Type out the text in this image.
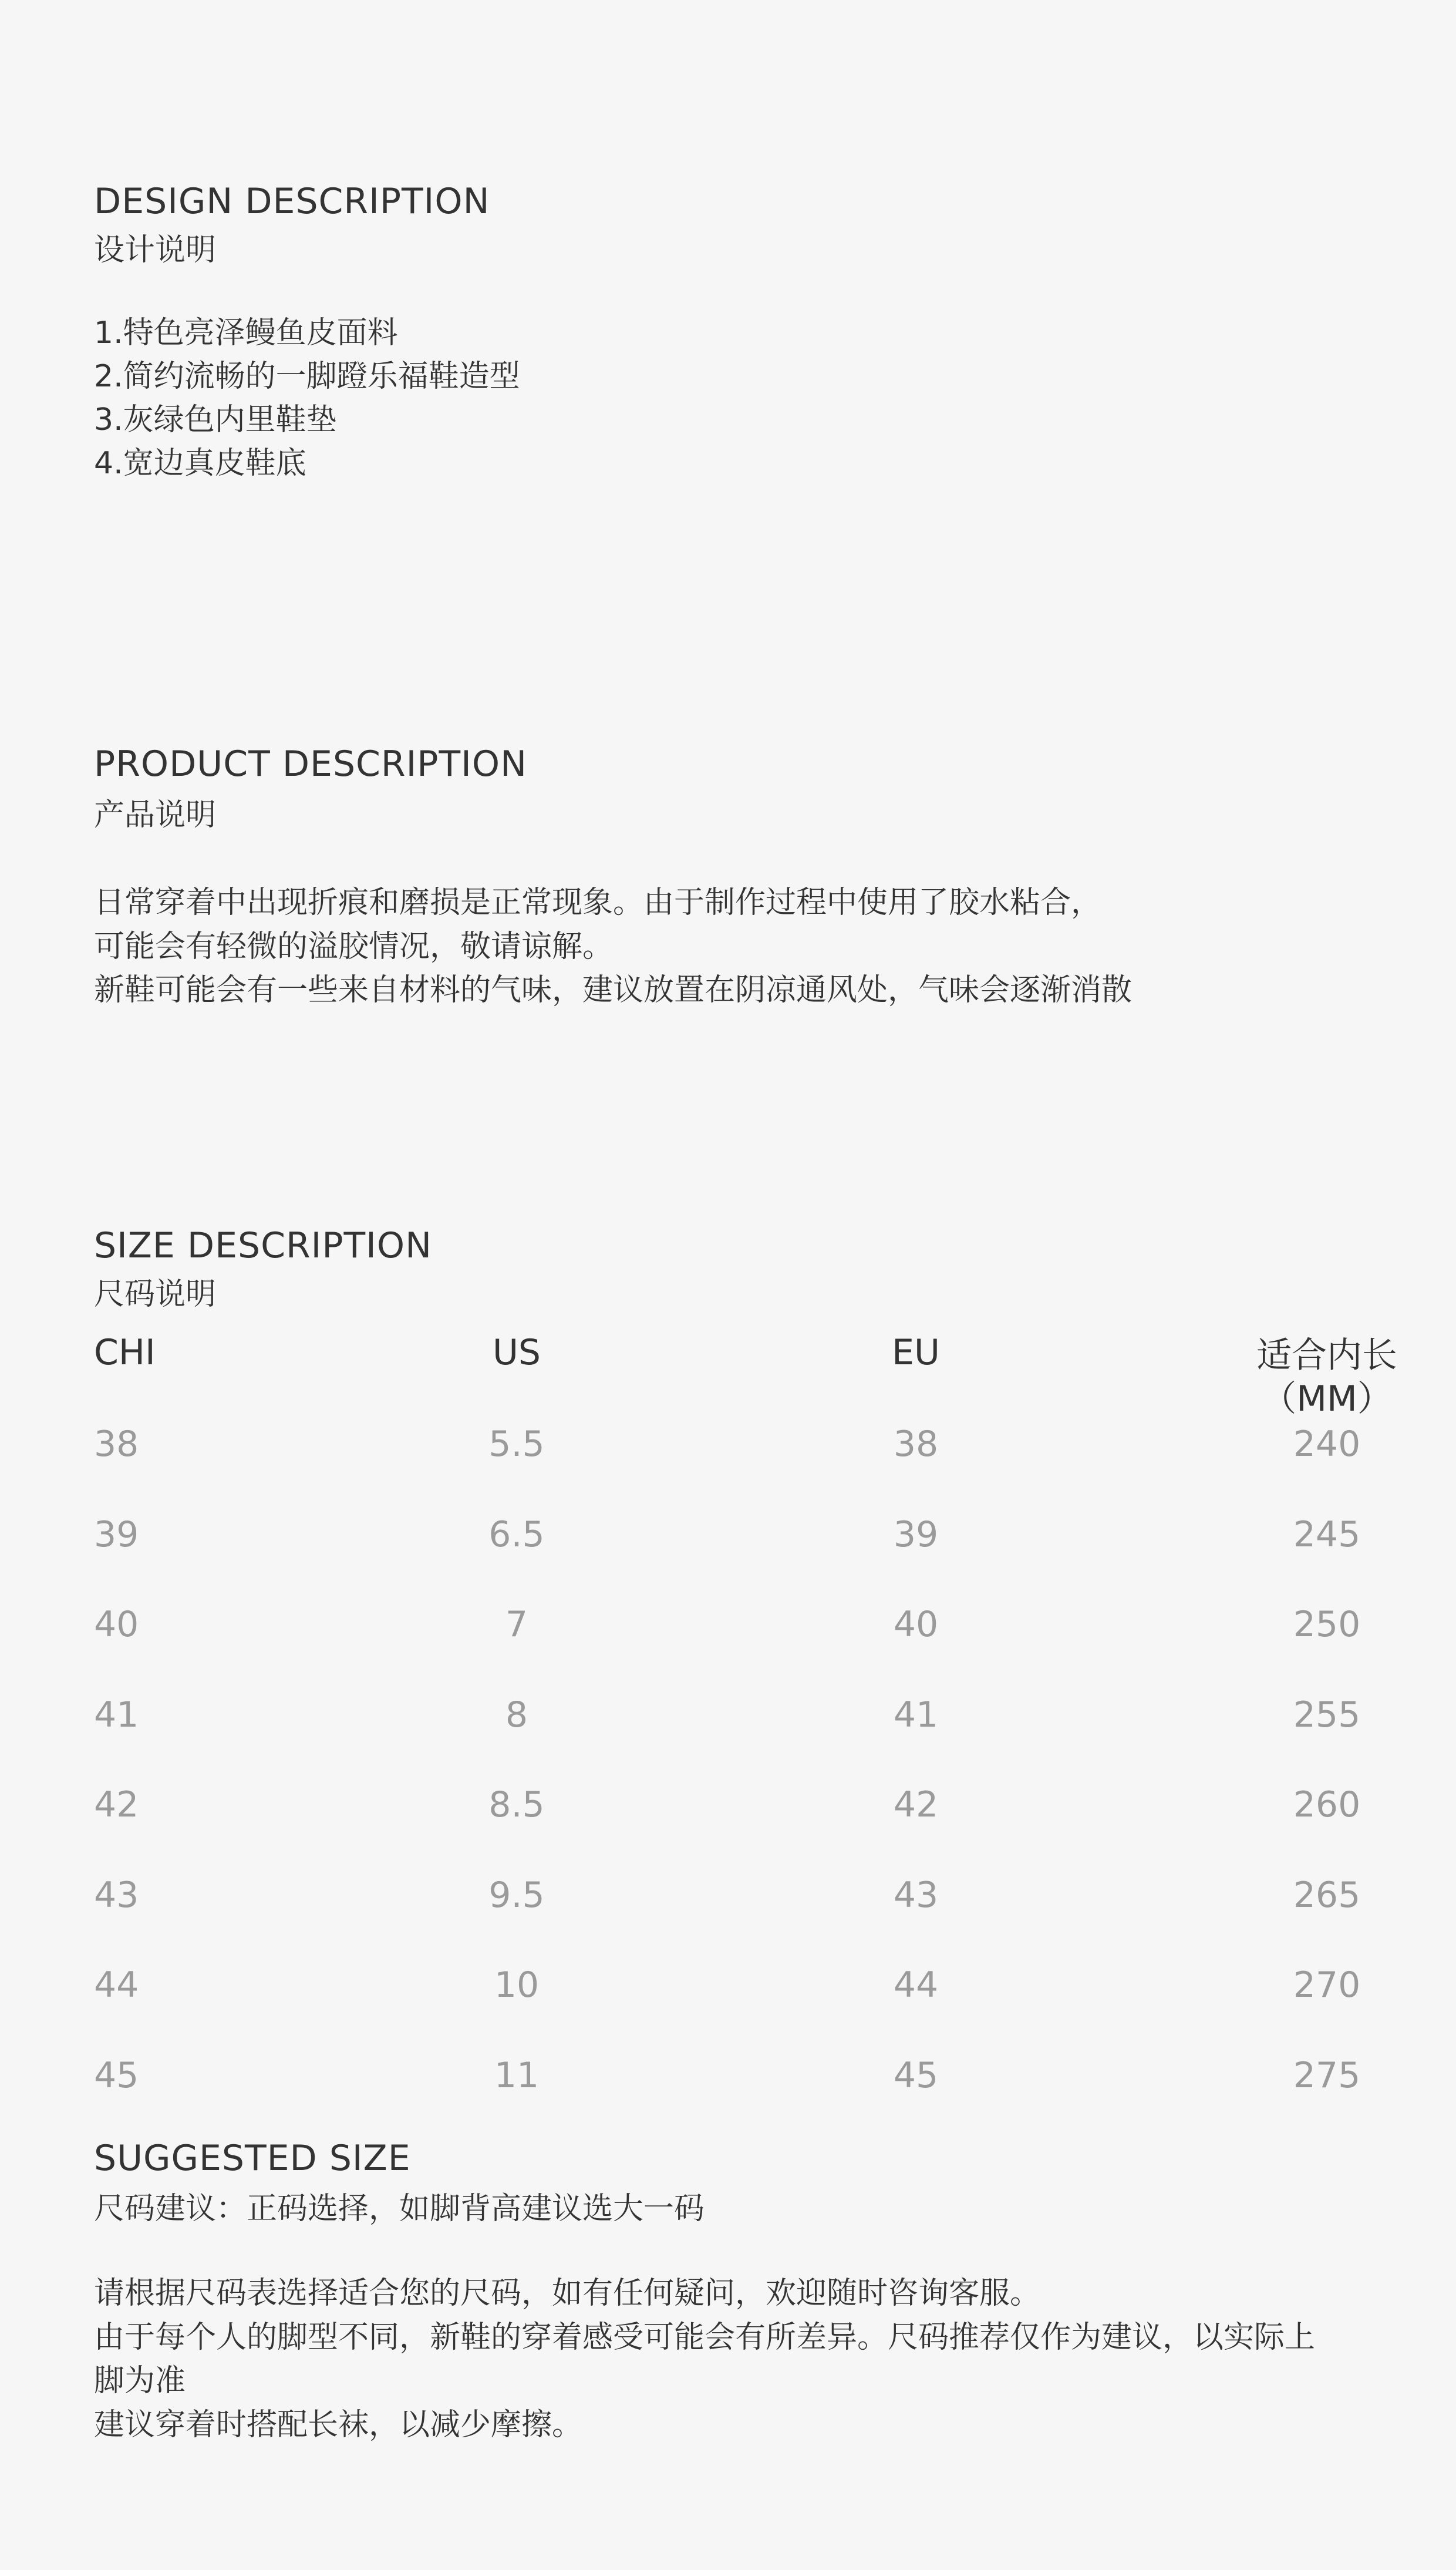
DESIGN DESCRIPTION
设计说明
1.特色亮泽鳗鱼皮面料
2.简约流畅的一脚蹬乐福鞋造型
3.灰绿色内里鞋垫
4.宽边真皮鞋底
PRODUCT DESCRIPTION
产品说明
日常穿着中出现折痕和磨损是正常现象。由于制作过程中使用了胶水粘合，
可能会有轻微的溢胶情况，敬请谅解。
新鞋可能会有一些来自材料的气味，建议放置在阴凉通风处，气味会逐渐消散
SIZE DESCRIPTION
尺码说明
CHI	US	EU	适合内长
（MM）
38	5.5	38	240
39	6.5	39	245
40	7	40	250
41	8	41	255
42	8.5	42	260
43	9.5	43	265
44	10	44	270
45	11	45	275
SUGGESTED SIZE
尺码建议：正码选择，如脚背高建议选大一码
请根据尺码表选择适合您的尺码，如有任何疑问，欢迎随时咨询客服。
由于每个人的脚型不同，新鞋的穿着感受可能会有所差异。尺码推荐仅作为建议，以实际上
脚为准
建议穿着时搭配长袜，以减少摩擦。
